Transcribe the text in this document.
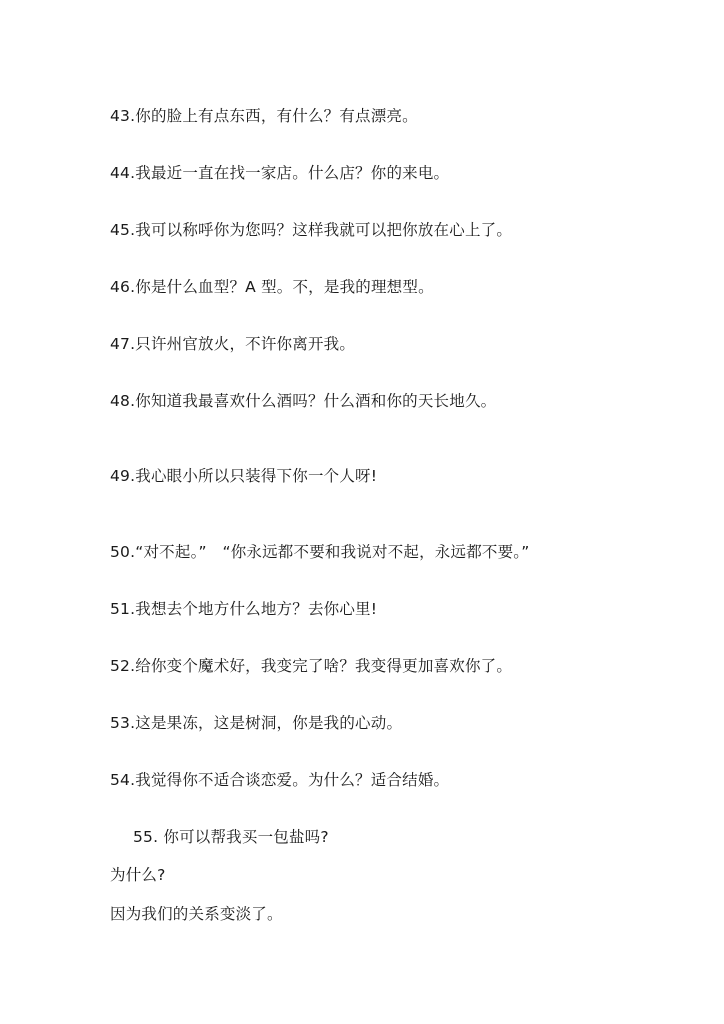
43.你的脸上有点东西，有什么？有点漂亮。
44.我最近一直在找一家店。什么店？你的来电。
45.我可以称呼你为您吗？这样我就可以把你放在心上了。
46.你是什么血型？A 型。不，是我的理想型。
47.只许州官放火，不许你离开我。
48.你知道我最喜欢什么酒吗？什么酒和你的天长地久。
49.我心眼小所以只装得下你一个人呀!
50.“对不起。”　“你永远都不要和我说对不起，永远都不要。”
51.我想去个地方什么地方？去你心里!
52.给你变个魔术好，我变完了啥？我变得更加喜欢你了。
53.这是果冻，这是树洞，你是我的心动。
54.我觉得你不适合谈恋爱。为什么？适合结婚。
55. 你可以帮我买一包盐吗?
为什么?
因为我们的关系变淡了。
